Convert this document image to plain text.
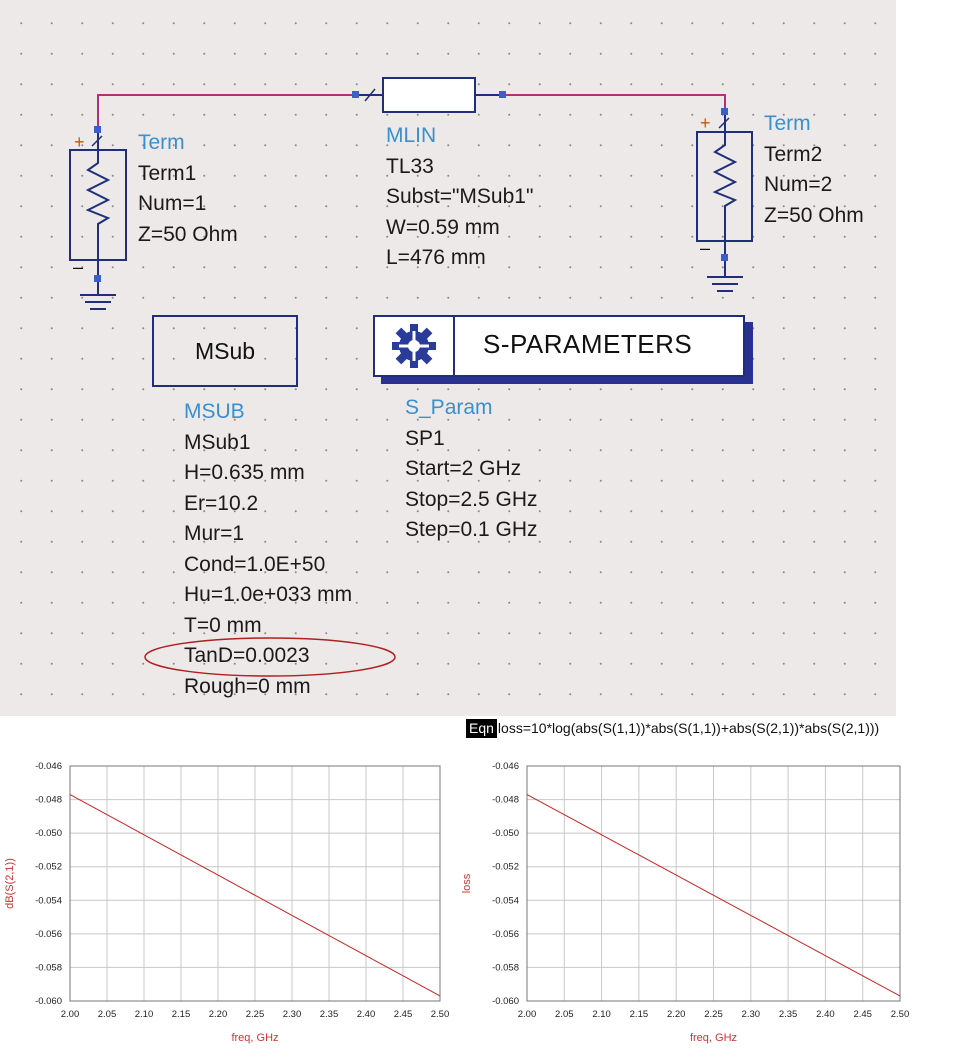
+
–
+
–
Term
Term1
Num=1
Z=50 Ohm
MLIN
TL33
Subst="MSub1"
W=0.59 mm
L=476 mm
Term
Term2
Num=2
Z=50 Ohm
MSub
MSUB
MSub1
H=0.635 mm
Er=10.2
Mur=1
Cond=1.0E+50
Hu=1.0e+033 mm
T=0 mm
TanD=0.0023
Rough=0 mm
S-PARAMETERS
S_Param
SP1
Start=2 GHz
Stop=2.5 GHz
Step=0.1 GHz
Eqn loss=10*log(abs(S(1,1))*abs(S(1,1))+abs(S(2,1))*abs(S(2,1)))
2.00 2.05 2.10 2.15 2.20 2.25 2.30 2.35 2.40 2.45 2.50
-0.046
-0.048
-0.050
-0.052
-0.054
-0.056
-0.058
-0.060
freq, GHz
dB(S(2,1))
2.00 2.05 2.10 2.15 2.20 2.25 2.30 2.35 2.40 2.45 2.50
-0.046
-0.048
-0.050
-0.052
-0.054
-0.056
-0.058
-0.060
freq, GHz
loss
